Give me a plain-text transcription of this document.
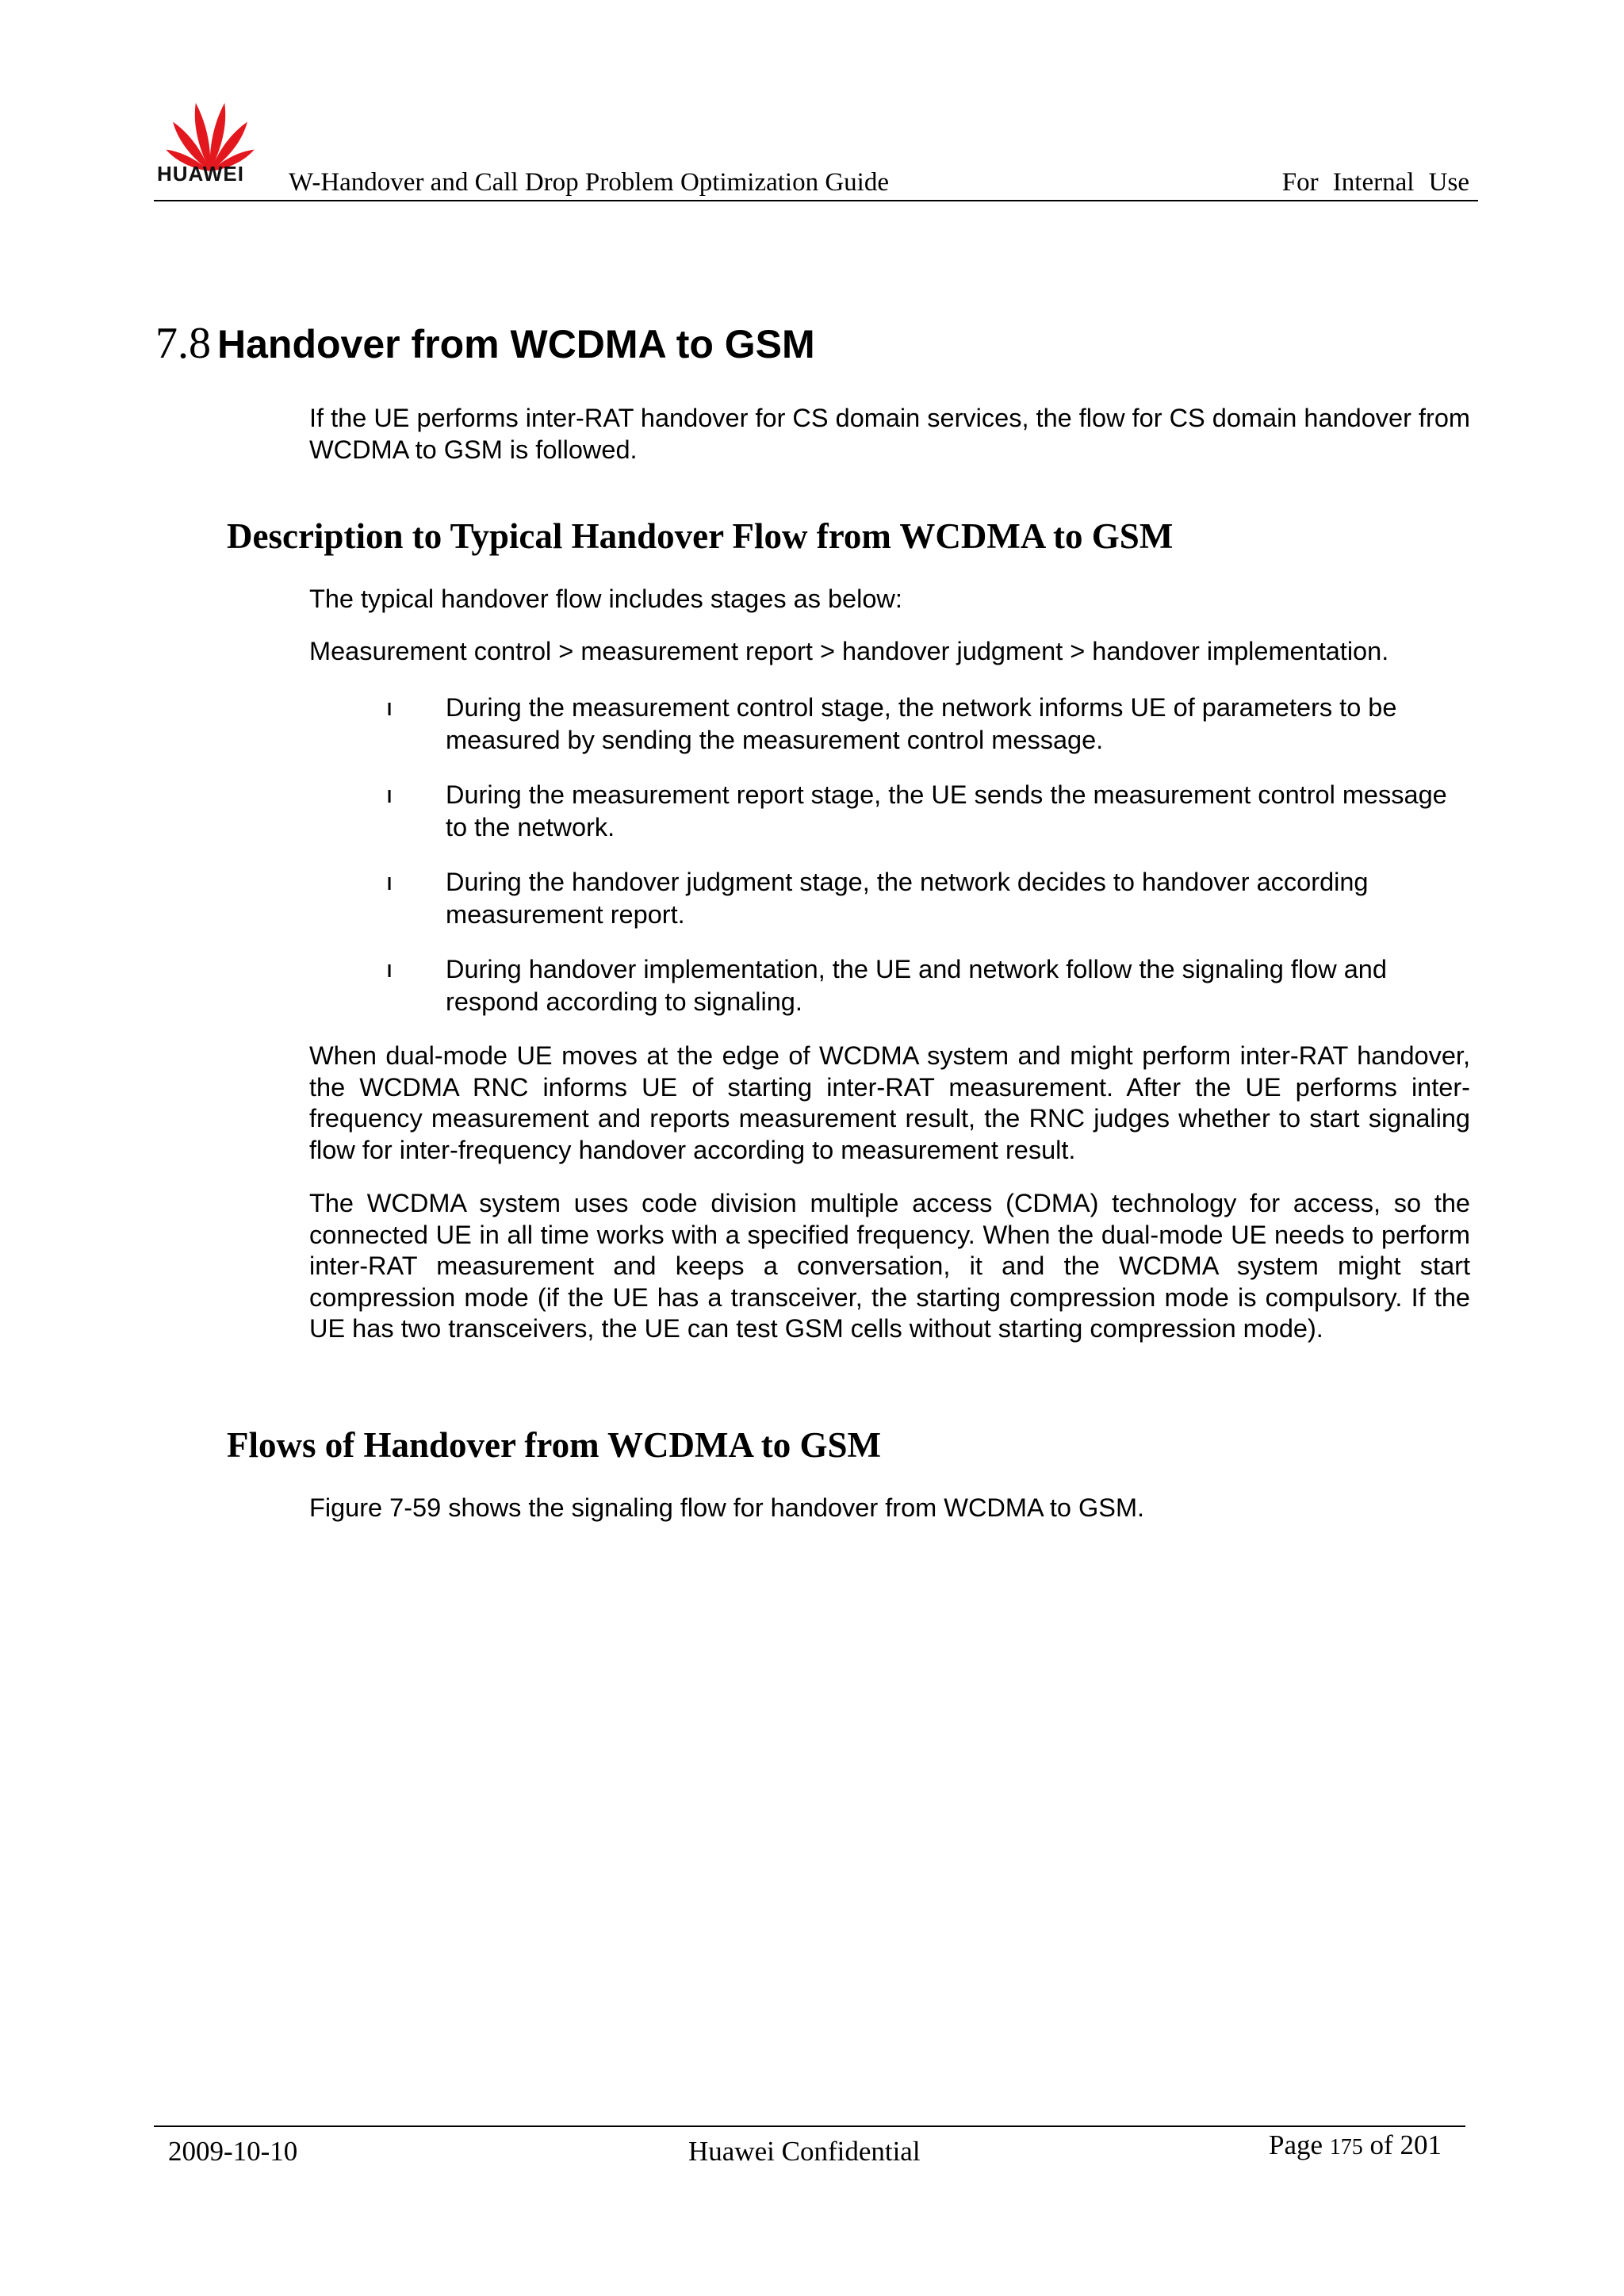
HUAWEI W-Handover and Call Drop Problem Optimization Guide	For Internal Use
7.8 Handover from WCDMA to GSM

If the UE performs inter-RAT handover for CS domain services, the flow for CS domain handover from WCDMA to GSM is followed.

Description to Typical Handover Flow from WCDMA to GSM

The typical handover flow includes stages as below:

Measurement control > measurement report > handover judgment > handover implementation.

l During the measurement control stage, the network informs UE of parameters to be measured by sending the measurement control message.

l During the measurement report stage, the UE sends the measurement control message to the network.

l During the handover judgment stage, the network decides to handover according measurement report.

l During handover implementation, the UE and network follow the signaling flow and respond according to signaling.

When dual-mode UE moves at the edge of WCDMA system and might perform inter-RAT handover, the WCDMA RNC informs UE of starting inter-RAT measurement. After the UE performs inter-frequency measurement and reports measurement result, the RNC judges whether to start signaling flow for inter-frequency handover according to measurement result.

The WCDMA system uses code division multiple access (CDMA) technology for access, so the connected UE in all time works with a specified frequency. When the dual-mode UE needs to perform inter-RAT measurement and keeps a conversation, it and the WCDMA system might start compression mode (if the UE has a transceiver, the starting compression mode is compulsory. If the UE has two transceivers, the UE can test GSM cells without starting compression mode).

Flows of Handover from WCDMA to GSM

Figure 7-59 shows the signaling flow for handover from WCDMA to GSM.

2009-10-10	Huawei Confidential	Page 175 of 201
